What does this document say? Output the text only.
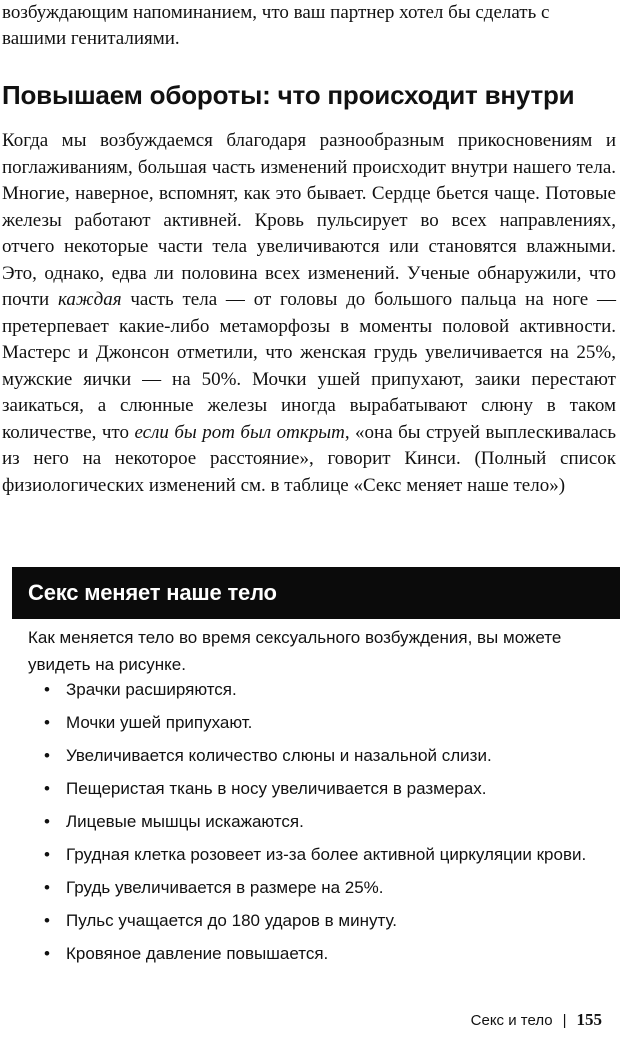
возбуждающим напоминанием, что ваш партнер хотел бы сделать с вашими гениталиями.

Повышаем обороты: что происходит внутри

Когда мы возбуждаемся благодаря разнообразным прикосновениям и поглаживаниям, большая часть изменений происходит внутри нашего тела. Многие, наверное, вспомнят, как это бывает. Сердце бьется чаще. Потовые железы работают активней. Кровь пульсирует во всех направлениях, отчего некоторые части тела увеличиваются или становятся влажными. Это, однако, едва ли половина всех изменений. Ученые обнаружили, что почти каждая часть тела — от головы до большого пальца на ноге — претерпевает какие-либо метаморфозы в моменты половой активности. Мастерс и Джонсон отметили, что женская грудь увеличивается на 25%, мужские яички — на 50%. Мочки ушей припухают, заики перестают заикаться, а слюнные железы иногда вырабатывают слюну в таком количестве, что если бы рот был открыт, «она бы струей выплескивалась из него на некоторое расстояние», говорит Кинси. (Полный список физиологических изменений см. в таблице «Секс меняет наше тело»)

Секс меняет наше тело

Как меняется тело во время сексуального возбуждения, вы можете увидеть на рисунке.

• Зрачки расширяются.
• Мочки ушей припухают.
• Увеличивается количество слюны и назальной слизи.
• Пещеристая ткань в носу увеличивается в размерах.
• Лицевые мышцы искажаются.
• Грудная клетка розовеет из-за более активной циркуляции крови.
• Грудь увеличивается в размере на 25%.
• Пульс учащается до 180 ударов в минуту.
• Кровяное давление повышается.
Секс и тело | 155
